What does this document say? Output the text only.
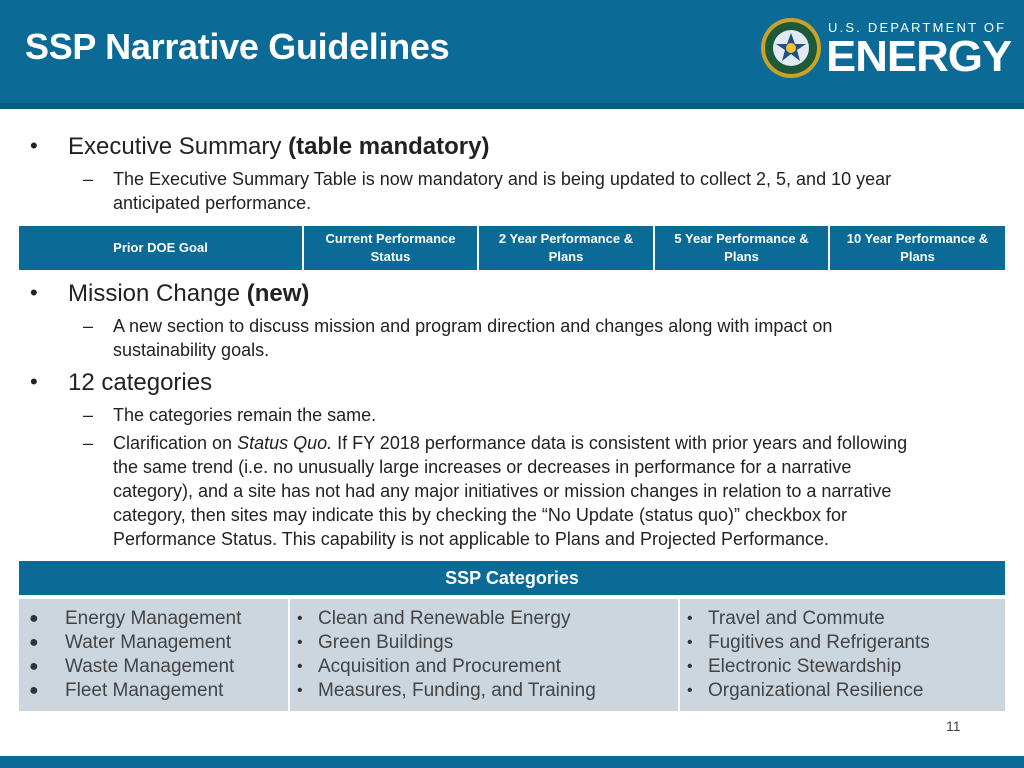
SSP Narrative Guidelines	U.S. DEPARTMENT OF
ENERGY
• Executive Summary (table mandatory)
– The Executive Summary Table is now mandatory and is being updated to collect 2, 5, and 10 year
anticipated performance.
Prior DOE Goal
Current Performance Status
2 Year Performance & Plans
5 Year Performance & Plans
10 Year Performance & Plans
• Mission Change (new)
– A new section to discuss mission and program direction and changes along with impact on
sustainability goals.
• 12 categories
– The categories remain the same.
– Clarification on Status Quo. If FY 2018 performance data is consistent with prior years and following
the same trend (i.e. no unusually large increases or decreases in performance for a narrative
category), and a site has not had any major initiatives or mission changes in relation to a narrative
category, then sites may indicate this by checking the “No Update (status quo)” checkbox for
Performance Status. This capability is not applicable to Plans and Projected Performance.
SSP Categories
● Energy Management
● Water Management
● Waste Management
● Fleet Management
• Clean and Renewable Energy
• Green Buildings
• Acquisition and Procurement
• Measures, Funding, and Training
• Travel and Commute
• Fugitives and Refrigerants
• Electronic Stewardship
• Organizational Resilience
11
